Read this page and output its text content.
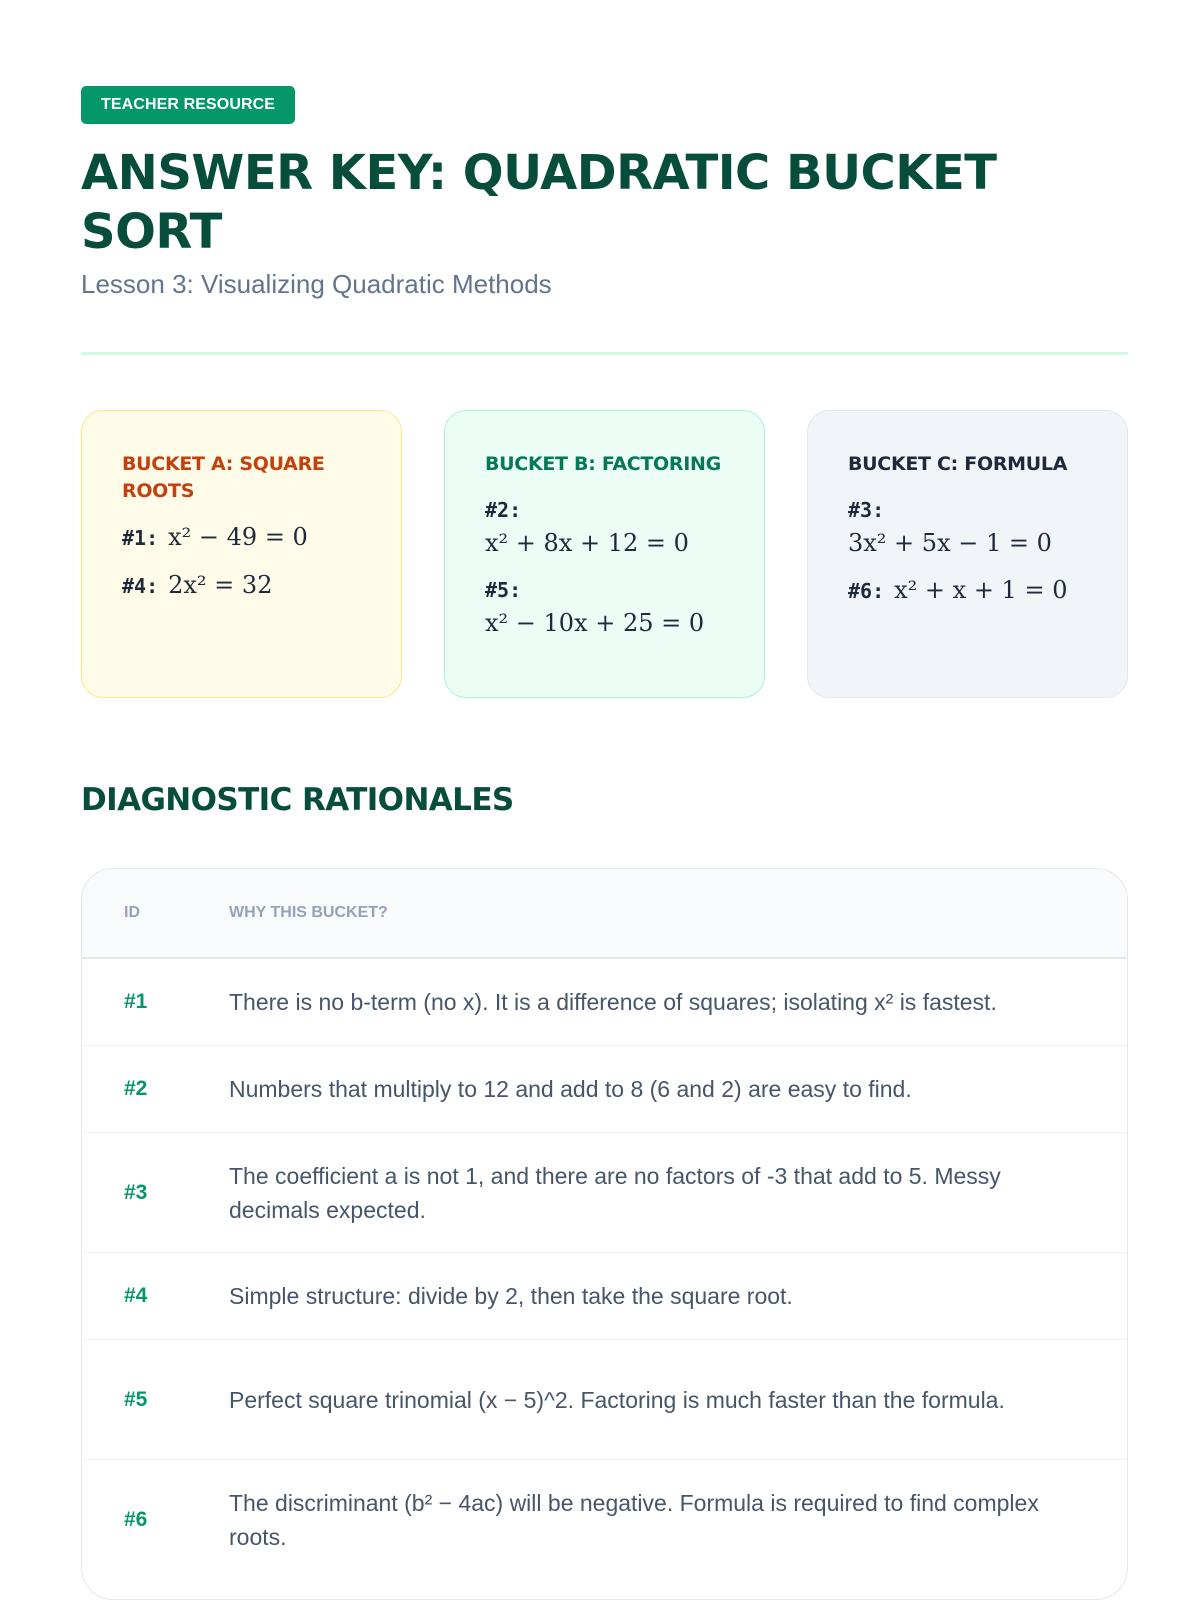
TEACHER RESOURCE
ANSWER KEY: QUADRATIC BUCKET SORT
Lesson 3: Visualizing Quadratic Methods
BUCKET A: SQUARE ROOTS
#1: x² − 49 = 0
#4: 2x² = 32
BUCKET B: FACTORING
#2:
x² + 8x + 12 = 0
#5:
x² − 10x + 25 = 0
BUCKET C: FORMULA
#3:
3x² + 5x − 1 = 0
#6: x² + x + 1 = 0
DIAGNOSTIC RATIONALES
ID	WHY THIS BUCKET?
#1	There is no b-term (no x). It is a difference of squares; isolating x² is fastest.
#2	Numbers that multiply to 12 and add to 8 (6 and 2) are easy to find.
#3
The coefficient a is not 1, and there are no factors of -3 that add to 5. Messy decimals expected.
#4	Simple structure: divide by 2, then take the square root.
#5	Perfect square trinomial (x − 5)^2. Factoring is much faster than the formula.
#6
The discriminant (b² − 4ac) will be negative. Formula is required to find complex roots.
